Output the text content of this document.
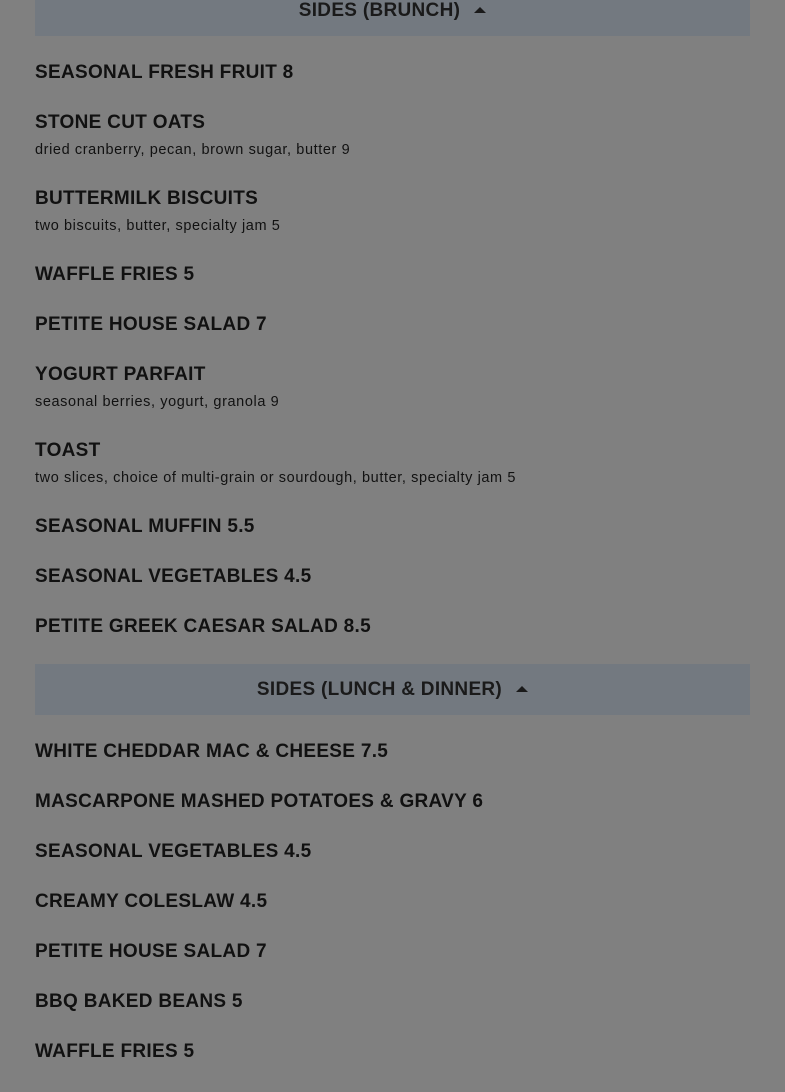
SIDES (BRUNCH)
SEASONAL FRESH FRUIT 8
STONE CUT OATS
dried cranberry, pecan, brown sugar, butter 9
BUTTERMILK BISCUITS
two biscuits, butter, specialty jam 5
WAFFLE FRIES 5
PETITE HOUSE SALAD 7
YOGURT PARFAIT
seasonal berries, yogurt, granola 9
TOAST
two slices, choice of multi-grain or sourdough, butter, specialty jam 5
SEASONAL MUFFIN 5.5
SEASONAL VEGETABLES 4.5
PETITE GREEK CAESAR SALAD 8.5
SIDES (LUNCH & DINNER)
WHITE CHEDDAR MAC & CHEESE 7.5
MASCARPONE MASHED POTATOES & GRAVY 6
SEASONAL VEGETABLES 4.5
CREAMY COLESLAW 4.5
PETITE HOUSE SALAD 7
BBQ BAKED BEANS 5
WAFFLE FRIES 5
